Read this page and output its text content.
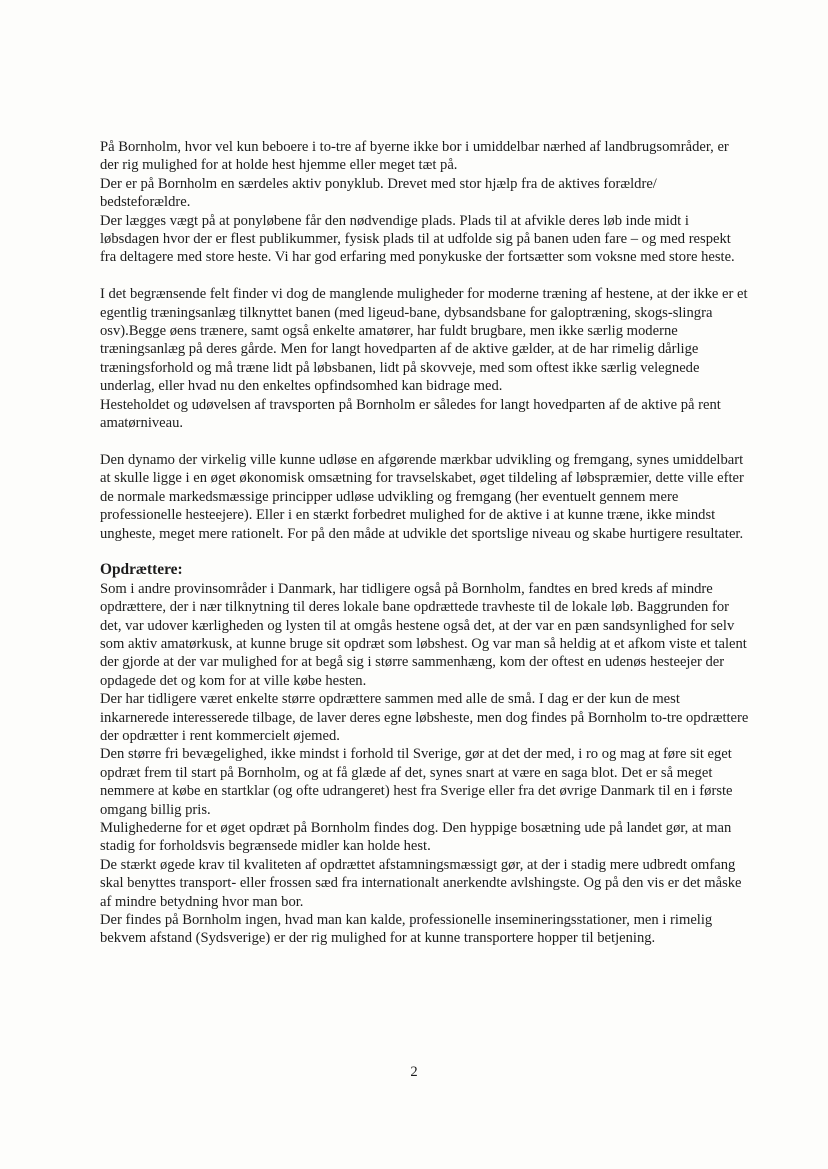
På Bornholm, hvor vel kun beboere i to-tre af byerne ikke bor i umiddelbar nærhed af landbrugsområder, er der rig mulighed for at holde hest hjemme eller meget tæt på.
Der er på Bornholm en særdeles aktiv ponyklub. Drevet med stor hjælp fra de aktives forældre/ bedsteforældre.
Der lægges vægt på at ponyløbene får den nødvendige plads. Plads til at afvikle deres løb inde midt i løbsdagen hvor der er flest publikummer, fysisk plads til at udfolde sig på banen uden fare – og med respekt fra deltagere med store heste. Vi har god erfaring med ponykuske der fortsætter som voksne med store heste.
I det begrænsende felt finder vi dog de manglende muligheder for moderne træning af hestene, at der ikke er et egentlig træningsanlæg tilknyttet banen (med ligeud-bane, dybsandsbane for galoptræning, skogs-slingra osv).Begge øens trænere, samt også enkelte amatører, har fuldt brugbare, men ikke særlig moderne træningsanlæg på deres gårde. Men for langt hovedparten af de aktive gælder, at de har rimelig dårlige træningsforhold og må træne lidt på løbsbanen, lidt på skovveje, med som oftest ikke særlig velegnede underlag, eller hvad nu den enkeltes opfindsomhed kan bidrage med.
Hesteholdet og udøvelsen af travsporten på Bornholm er således for langt hovedparten af de aktive på rent amatørniveau.
Den dynamo der virkelig ville kunne udløse en afgørende mærkbar udvikling og fremgang, synes umiddelbart at skulle ligge i en øget økonomisk omsætning for travselskabet, øget tildeling af løbspræmier, dette ville efter de normale markedsmæssige principper udløse udvikling og fremgang (her eventuelt gennem mere professionelle hesteejere). Eller i en stærkt forbedret mulighed for de aktive i at kunne træne, ikke mindst ungheste, meget mere rationelt. For på den måde at udvikle det sportslige niveau og skabe hurtigere resultater.
Opdrættere:
Som i andre provinsområder i Danmark, har tidligere også på Bornholm, fandtes en bred kreds af mindre opdrættere, der i nær tilknytning til deres lokale bane opdrættede travheste til de lokale løb. Baggrunden for det, var udover kærligheden og lysten til at omgås hestene også det, at der var en pæn sandsynlighed for selv som aktiv amatørkusk, at kunne bruge sit opdræt som løbshest. Og var man så heldig at et afkom viste et talent der gjorde at der var mulighed for at begå sig i større sammenhæng, kom der oftest en udenøs hesteejer der opdagede det og kom for at ville købe hesten.
Der har tidligere været enkelte større opdrættere sammen med alle de små. I dag er der kun de mest inkarnerede interesserede tilbage, de laver deres egne løbsheste, men dog findes på Bornholm to-tre opdrættere der opdrætter i rent kommercielt øjemed.
Den større fri bevægelighed, ikke mindst i forhold til Sverige, gør at det der med, i ro og mag at føre sit eget opdræt frem til start på Bornholm, og at få glæde af det, synes snart at være en saga blot. Det er så meget nemmere at købe en startklar (og ofte udrangeret) hest fra Sverige eller fra det øvrige Danmark til en i første omgang billig pris.
Mulighederne for et øget opdræt på Bornholm findes dog. Den hyppige bosætning ude på landet gør, at man stadig for forholdsvis begrænsede midler kan holde hest.
De stærkt øgede krav til kvaliteten af opdrættet afstamningsmæssigt gør, at der i stadig mere udbredt omfang skal benyttes transport- eller frossen sæd fra internationalt anerkendte avlshingste. Og på den vis er det måske af mindre betydning hvor man bor.
Der findes på Bornholm ingen, hvad man kan kalde, professionelle insemineringsstationer, men i rimelig bekvem afstand (Sydsverige) er der rig mulighed for at kunne transportere hopper til betjening.
2
